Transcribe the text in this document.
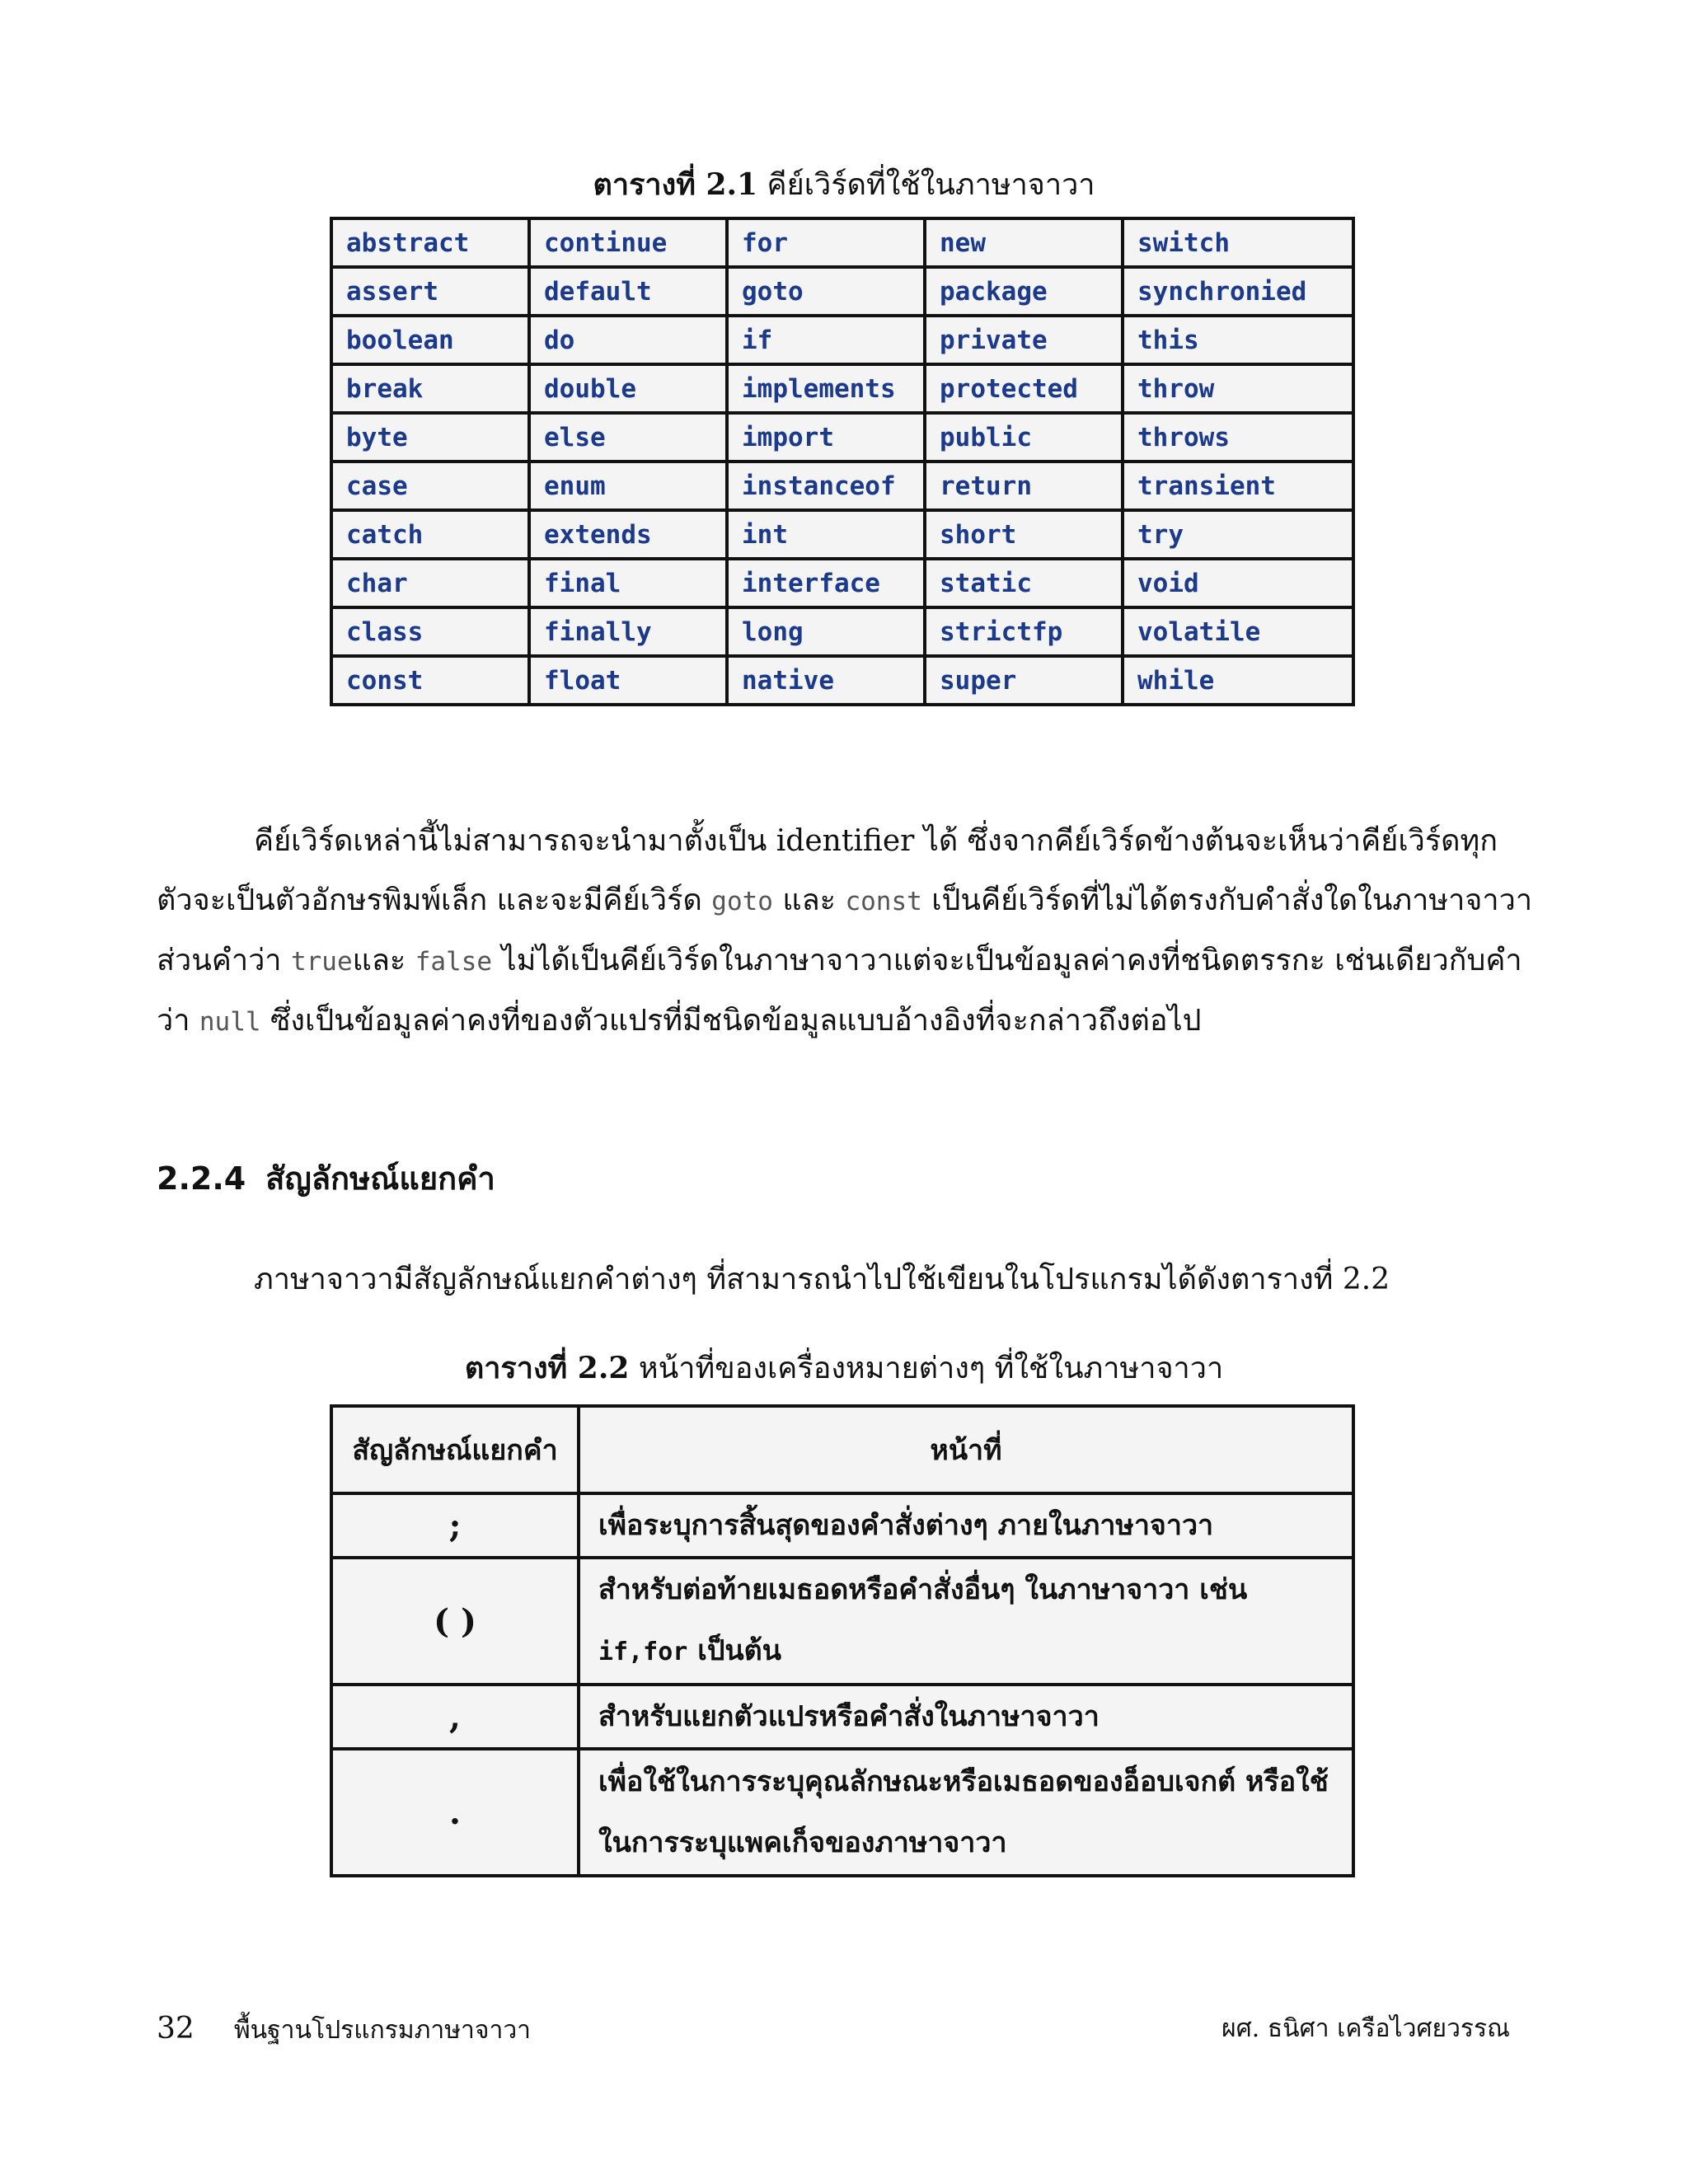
ตารางที่ 2.1 คีย์เวิร์ดที่ใช้ในภาษาจาวา
abstract	continue	for	new	switch
assert	default	goto	package	synchronied
boolean	do	if	private	this
break	double	implements	protected	throw
byte	else	import	public	throws
case	enum	instanceof	return	transient
catch	extends	int	short	try
char	final	interface	static	void
class	finally	long	strictfp	volatile
const	float	native	super	while
คีย์เวิร์ดเหล่านี้ไม่สามารถจะนำมาตั้งเป็น identifier ได้ ซึ่งจากคีย์เวิร์ดข้างต้นจะเห็นว่าคีย์เวิร์ดทุกตัวจะเป็นตัวอักษรพิมพ์เล็ก และจะมีคีย์เวิร์ด goto และ const เป็นคีย์เวิร์ดที่ไม่ได้ตรงกับคำสั่งใดในภาษาจาวา ส่วนคำว่า trueและ false ไม่ได้เป็นคีย์เวิร์ดในภาษาจาวาแต่จะเป็นข้อมูลค่าคงที่ชนิดตรรกะ เช่นเดียวกับคำว่า null ซึ่งเป็นข้อมูลค่าคงที่ของตัวแปรที่มีชนิดข้อมูลแบบอ้างอิงที่จะกล่าวถึงต่อไป
2.2.4 สัญลักษณ์แยกคำ
ภาษาจาวามีสัญลักษณ์แยกคำต่างๆ ที่สามารถนำไปใช้เขียนในโปรแกรมได้ดังตารางที่ 2.2
ตารางที่ 2.2 หน้าที่ของเครื่องหมายต่างๆ ที่ใช้ในภาษาจาวา
สัญลักษณ์แยกคำ	หน้าที่
;	เพื่อระบุการสิ้นสุดของคำสั่งต่างๆ ภายในภาษาจาวา
( )	สำหรับต่อท้ายเมธอดหรือคำสั่งอื่นๆ ในภาษาจาวา เช่น
if,for เป็นต้น
,	สำหรับแยกตัวแปรหรือคำสั่งในภาษาจาวา
.	เพื่อใช้ในการระบุคุณลักษณะหรือเมธอดของอ็อบเจกต์ หรือใช้ในการระบุแพคเก็จของภาษาจาวา
32 พื้นฐานโปรแกรมภาษาจาวา	ผศ. ธนิศา เครือไวศยวรรณ
